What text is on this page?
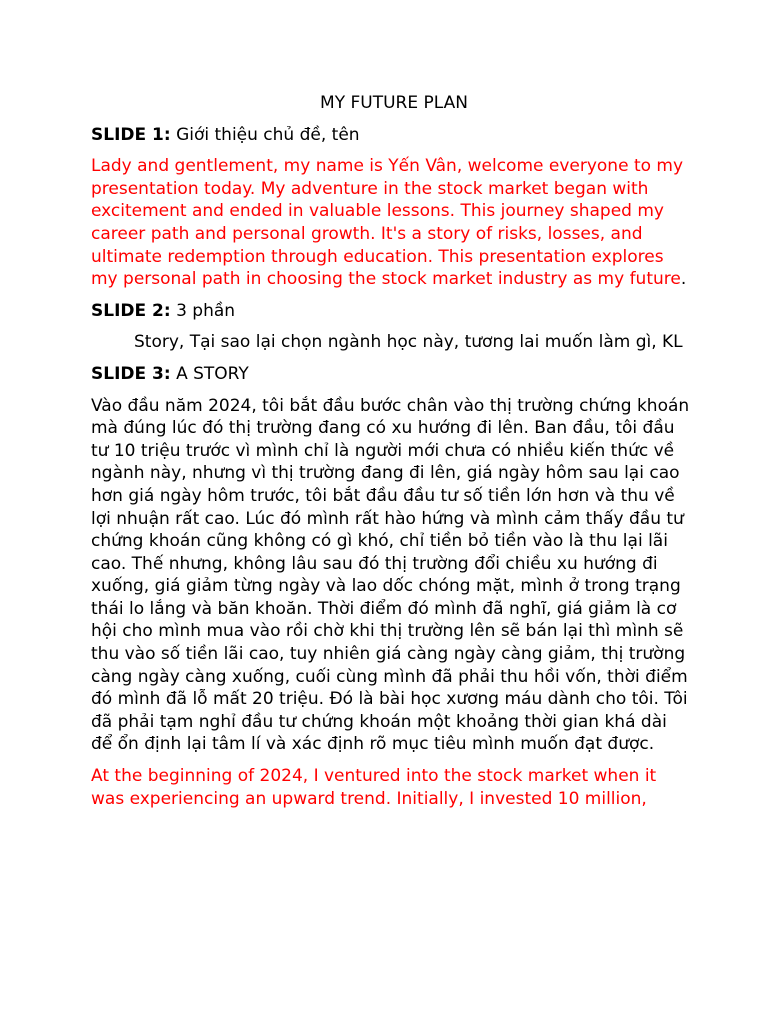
MY FUTURE PLAN

SLIDE 1: Giới thiệu chủ đề, tên

Lady and gentlement, my name is Yến Vân, welcome everyone to my presentation today. My adventure in the stock market began with excitement and ended in valuable lessons. This journey shaped my career path and personal growth. It's a story of risks, losses, and ultimate redemption through education. This presentation explores my personal path in choosing the stock market industry as my future.

SLIDE 2: 3 phần

Story, Tại sao lại chọn ngành học này, tương lai muốn làm gì, KL

SLIDE 3: A STORY

Vào đầu năm 2024, tôi bắt đầu bước chân vào thị trường chứng khoán mà đúng lúc đó thị trường đang có xu hướng đi lên. Ban đầu, tôi đầu tư 10 triệu trước vì mình chỉ là người mới chưa có nhiều kiến thức về ngành này, nhưng vì thị trường đang đi lên, giá ngày hôm sau lại cao hơn giá ngày hôm trước, tôi bắt đầu đầu tư số tiền lớn hơn và thu về lợi nhuận rất cao. Lúc đó mình rất hào hứng và mình cảm thấy đầu tư chứng khoán cũng không có gì khó, chỉ tiền bỏ tiền vào là thu lại lãi cao. Thế nhưng, không lâu sau đó thị trường đổi chiều xu hướng đi xuống, giá giảm từng ngày và lao dốc chóng mặt, mình ở trong trạng thái lo lắng và băn khoăn. Thời điểm đó mình đã nghĩ, giá giảm là cơ hội cho mình mua vào rồi chờ khi thị trường lên sẽ bán lại thì mình sẽ thu vào số tiền lãi cao, tuy nhiên giá càng ngày càng giảm, thị trường càng ngày càng xuống, cuối cùng mình đã phải thu hồi vốn, thời điểm đó mình đã lỗ mất 20 triệu. Đó là bài học xương máu dành cho tôi. Tôi đã phải tạm nghỉ đầu tư chứng khoán một khoảng thời gian khá dài để ổn định lại tâm lí và xác định rõ mục tiêu mình muốn đạt được.

At the beginning of 2024, I ventured into the stock market when it was experiencing an upward trend. Initially, I invested 10 million,
